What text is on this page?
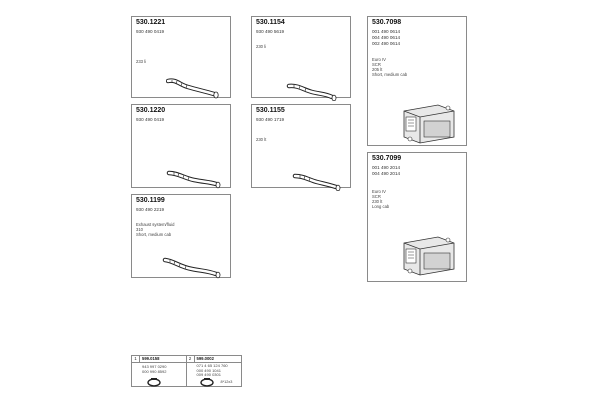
530.1221
930 490 0419
233 li
530.1154
930 490 5619
230 li
530.7098
001 490 0614
004 490 0614
002 490 0614
Euro IV
SCR
205 lt
Short, medium cab
530.1220
930 490 0419
530.1155
930 490 1719
230 lt
530.7099
001 490 2014
004 490 2014
Euro IV
SCR
230 lt
Long cab
530.1199
930 490 2219
Exhaust system/fluid
310
Short, medium cab
1	599.0158
943 997 0290
000 990 8592
2	599.0002
071 4 65 124 760
000 490 1041
009 490 0301
8*12x3
